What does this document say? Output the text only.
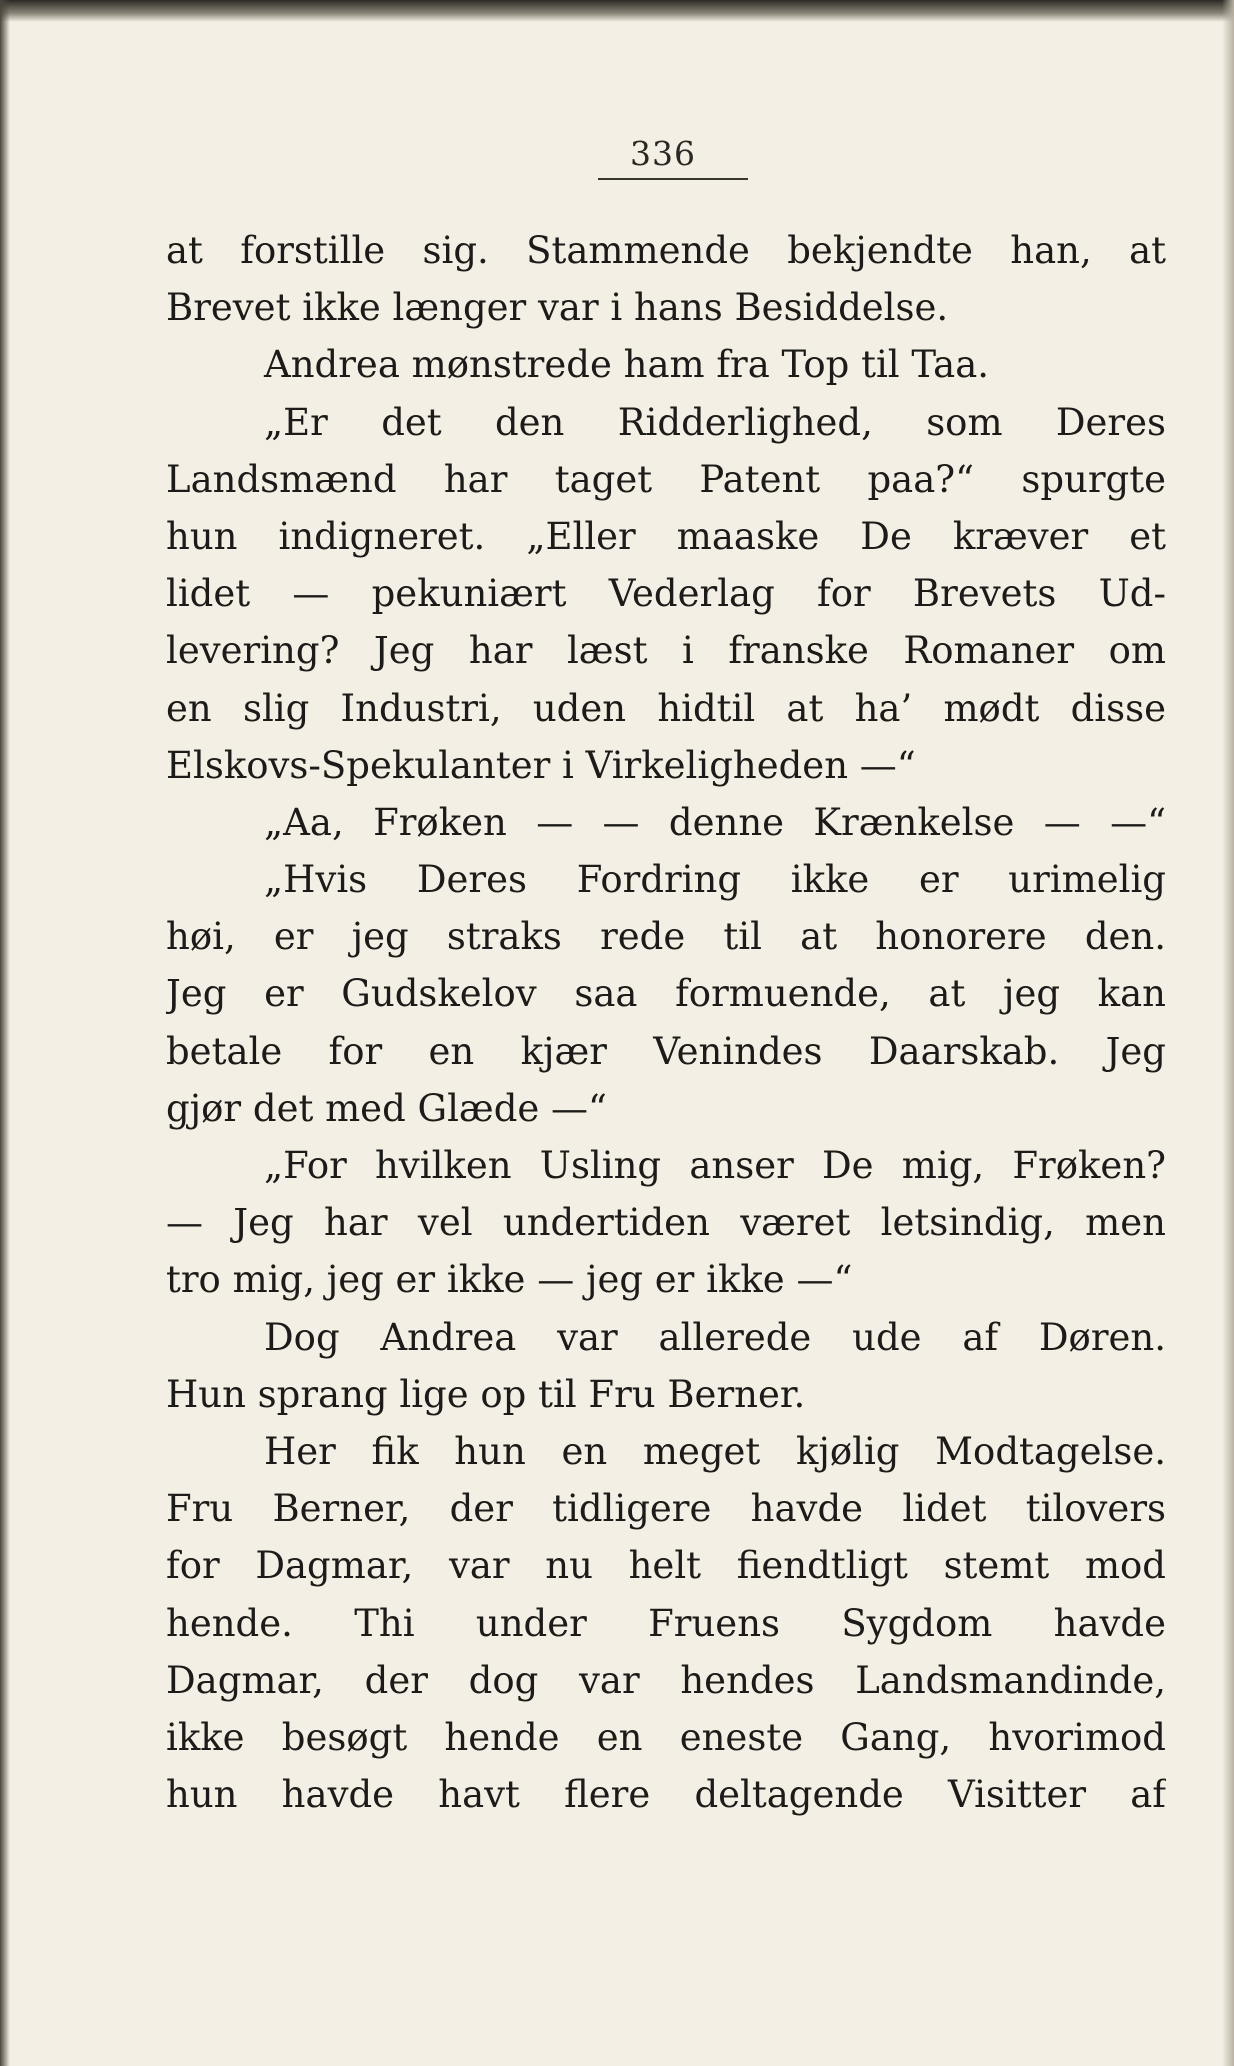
336
at forstille sig. Stammende bekjendte han, at
Brevet ikke længer var i hans Besiddelse.
Andrea mønstrede ham fra Top til Taa.
„Er det den Ridderlighed, som Deres
Landsmænd har taget Patent paa?“ spurgte
hun indigneret. „Eller maaske De kræver et
lidet — pekuniært Vederlag for Brevets Ud-
levering? Jeg har læst i franske Romaner om
en slig Industri, uden hidtil at ha’ mødt disse
Elskovs-Spekulanter i Virkeligheden —“
„Aa, Frøken — — denne Krænkelse — —“
„Hvis Deres Fordring ikke er urimelig
høi, er jeg straks rede til at honorere den.
Jeg er Gudskelov saa formuende, at jeg kan
betale for en kjær Venindes Daarskab. Jeg
gjør det med Glæde —“
„For hvilken Usling anser De mig, Frøken?
— Jeg har vel undertiden været letsindig, men
tro mig, jeg er ikke — jeg er ikke —“
Dog Andrea var allerede ude af Døren.
Hun sprang lige op til Fru Berner.
Her fik hun en meget kjølig Modtagelse.
Fru Berner, der tidligere havde lidet tilovers
for Dagmar, var nu helt fiendtligt stemt mod
hende. Thi under Fruens Sygdom havde
Dagmar, der dog var hendes Landsmandinde,
ikke besøgt hende en eneste Gang, hvorimod
hun havde havt flere deltagende Visitter af
